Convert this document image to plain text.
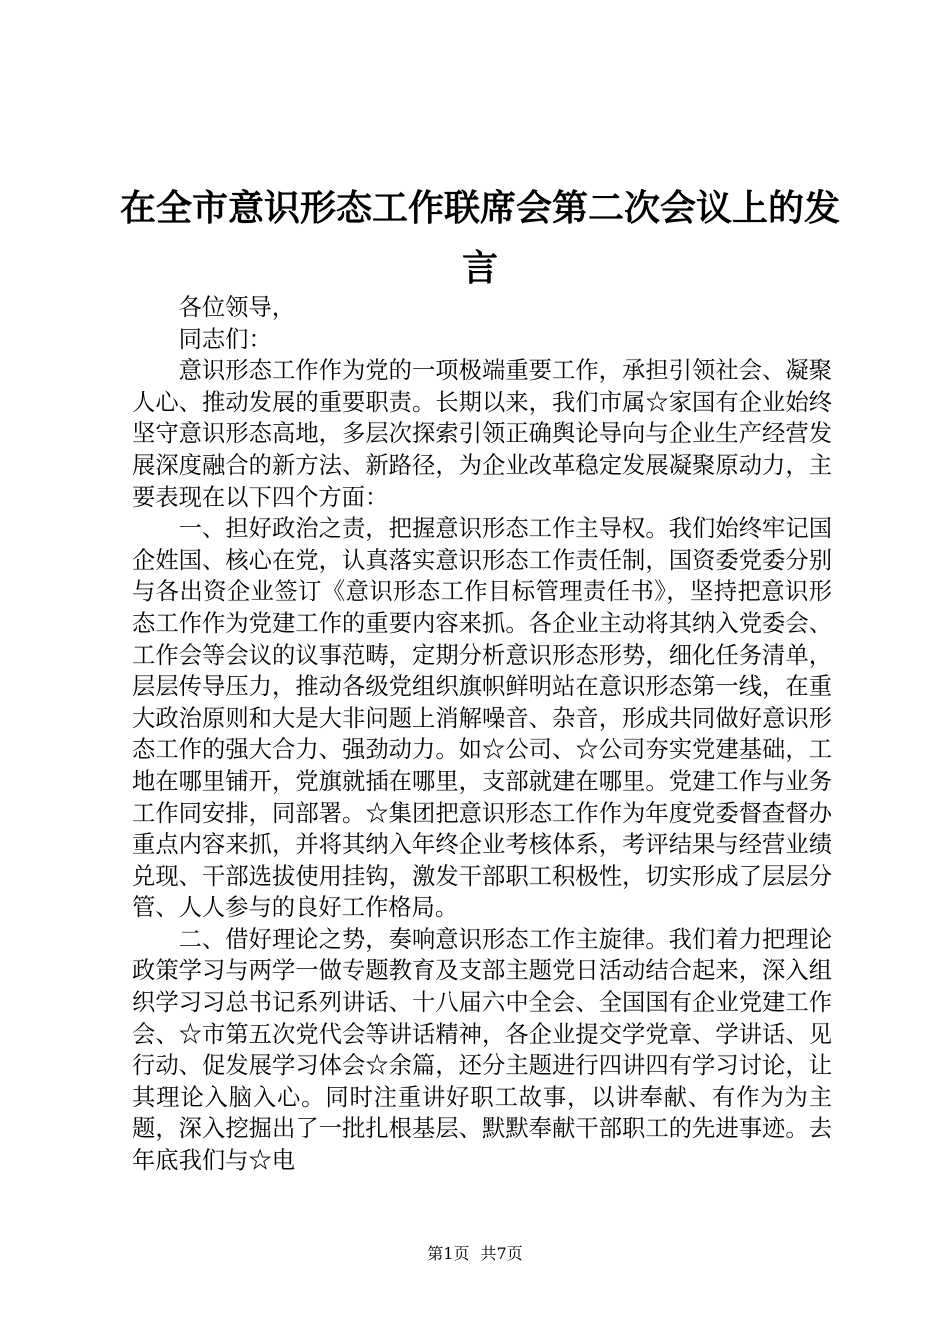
在全市意识形态工作联席会第二次会议上的发言

各位领导，

同志们：

意识形态工作作为党的一项极端重要工作，承担引领社会、凝聚人心、推动发展的重要职责。长期以来，我们市属☆家国有企业始终坚守意识形态高地，多层次探索引领正确舆论导向与企业生产经营发展深度融合的新方法、新路径，为企业改革稳定发展凝聚原动力，主要表现在以下四个方面：

一、担好政治之责，把握意识形态工作主导权。我们始终牢记国企姓国、核心在党，认真落实意识形态工作责任制，国资委党委分别与各出资企业签订《意识形态工作目标管理责任书》，坚持把意识形态工作作为党建工作的重要内容来抓。各企业主动将其纳入党委会、工作会等会议的议事范畴，定期分析意识形态形势，细化任务清单，层层传导压力，推动各级党组织旗帜鲜明站在意识形态第一线，在重大政治原则和大是大非问题上消解噪音、杂音，形成共同做好意识形态工作的强大合力、强劲动力。如☆公司、☆公司夯实党建基础，工地在哪里铺开，党旗就插在哪里，支部就建在哪里。党建工作与业务工作同安排，同部署。☆集团把意识形态工作作为年度党委督查督办重点内容来抓，并将其纳入年终企业考核体系，考评结果与经营业绩兑现、干部选拔使用挂钩，激发干部职工积极性，切实形成了层层分管、人人参与的良好工作格局。

二、借好理论之势，奏响意识形态工作主旋律。我们着力把理论政策学习与两学一做专题教育及支部主题党日活动结合起来，深入组织学习习总书记系列讲话、十八届六中全会、全国国有企业党建工作会、☆市第五次党代会等讲话精神，各企业提交学党章、学讲话、见行动、促发展学习体会☆余篇，还分主题进行四讲四有学习讨论，让其理论入脑入心。同时注重讲好职工故事，以讲奉献、有作为为主题，深入挖掘出了一批扎根基层、默默奉献干部职工的先进事迹。去年底我们与☆电

第1页 共7页
